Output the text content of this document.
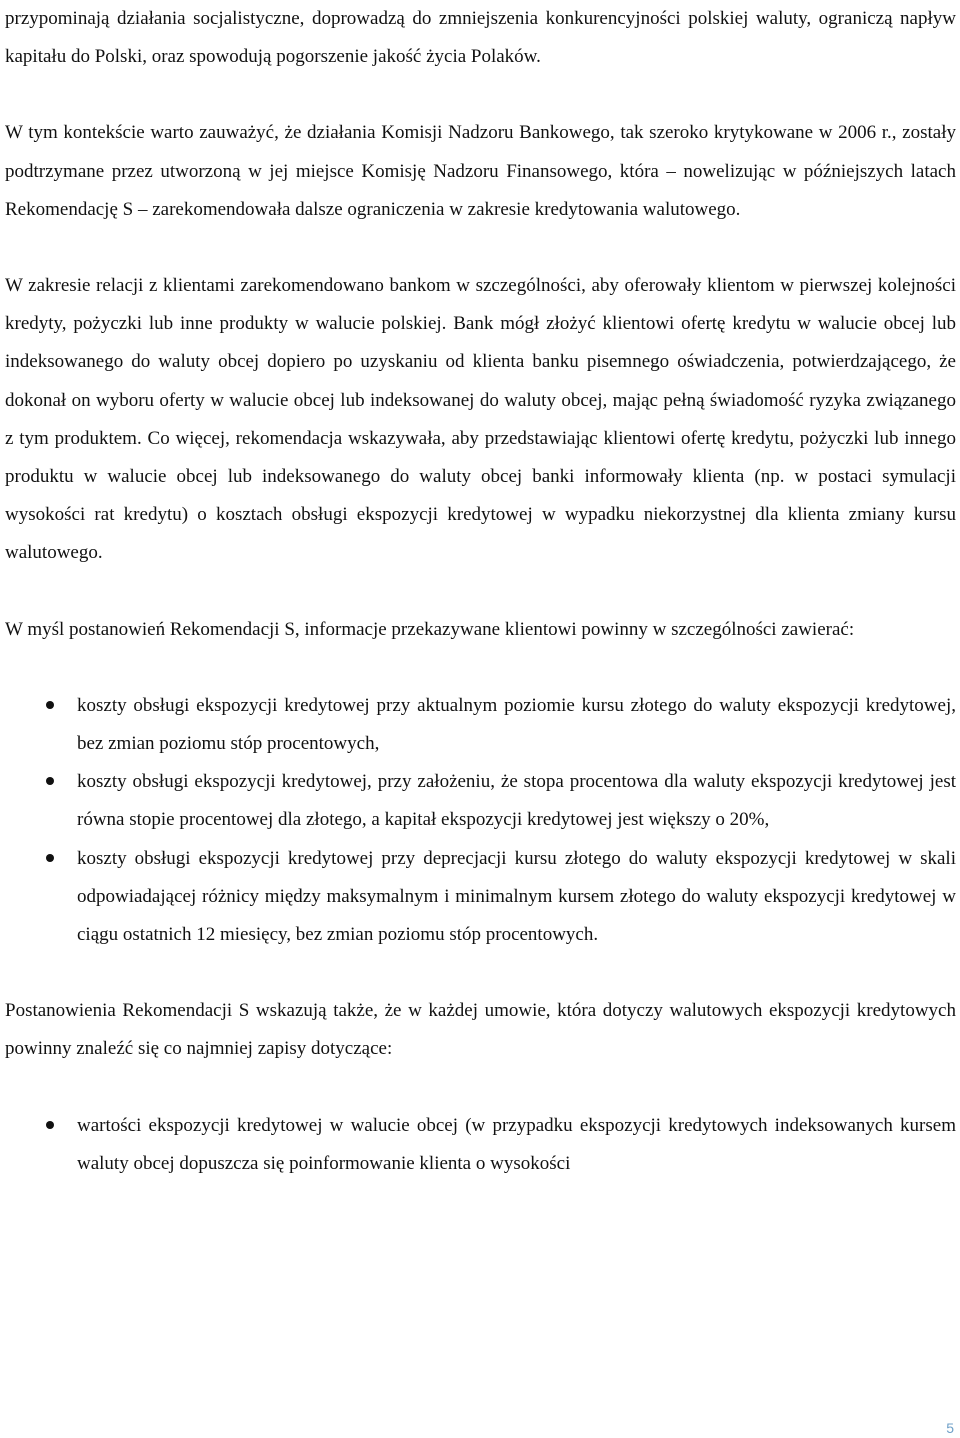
przypominają działania socjalistyczne, doprowadzą do zmniejszenia konkurencyjności polskiej waluty, ograniczą napływ kapitału do Polski, oraz spowodują pogorszenie jakość życia Polaków.

W tym kontekście warto zauważyć, że działania Komisji Nadzoru Bankowego, tak szeroko krytykowane w 2006 r., zostały podtrzymane przez utworzoną w jej miejsce Komisję Nadzoru Finansowego, która – nowelizując w późniejszych latach Rekomendację S – zarekomendowała dalsze ograniczenia w zakresie kredytowania walutowego.

W zakresie relacji z klientami zarekomendowano bankom w szczególności, aby oferowały klientom w pierwszej kolejności kredyty, pożyczki lub inne produkty w walucie polskiej. Bank mógł złożyć klientowi ofertę kredytu w walucie obcej lub indeksowanego do waluty obcej dopiero po uzyskaniu od klienta banku pisemnego oświadczenia, potwierdzającego, że dokonał on wyboru oferty w walucie obcej lub indeksowanej do waluty obcej, mając pełną świadomość ryzyka związanego z tym produktem. Co więcej, rekomendacja wskazywała, aby przedstawiając klientowi ofertę kredytu, pożyczki lub innego produktu w walucie obcej lub indeksowanego do waluty obcej banki informowały klienta (np. w postaci symulacji wysokości rat kredytu) o kosztach obsługi ekspozycji kredytowej w wypadku niekorzystnej dla klienta zmiany kursu walutowego.

W myśl postanowień Rekomendacji S, informacje przekazywane klientowi powinny w szczególności zawierać:

koszty obsługi ekspozycji kredytowej przy aktualnym poziomie kursu złotego do waluty ekspozycji kredytowej, bez zmian poziomu stóp procentowych,
koszty obsługi ekspozycji kredytowej, przy założeniu, że stopa procentowa dla waluty ekspozycji kredytowej jest równa stopie procentowej dla złotego, a kapitał ekspozycji kredytowej jest większy o 20%,
koszty obsługi ekspozycji kredytowej przy deprecjacji kursu złotego do waluty ekspozycji kredytowej w skali odpowiadającej różnicy między maksymalnym i minimalnym kursem złotego do waluty ekspozycji kredytowej w ciągu ostatnich 12 miesięcy, bez zmian poziomu stóp procentowych.

Postanowienia Rekomendacji S wskazują także, że w każdej umowie, która dotyczy walutowych ekspozycji kredytowych powinny znaleźć się co najmniej zapisy dotyczące:

wartości ekspozycji kredytowej w walucie obcej (w przypadku ekspozycji kredytowych indeksowanych kursem waluty obcej dopuszcza się poinformowanie klienta o wysokości
5
